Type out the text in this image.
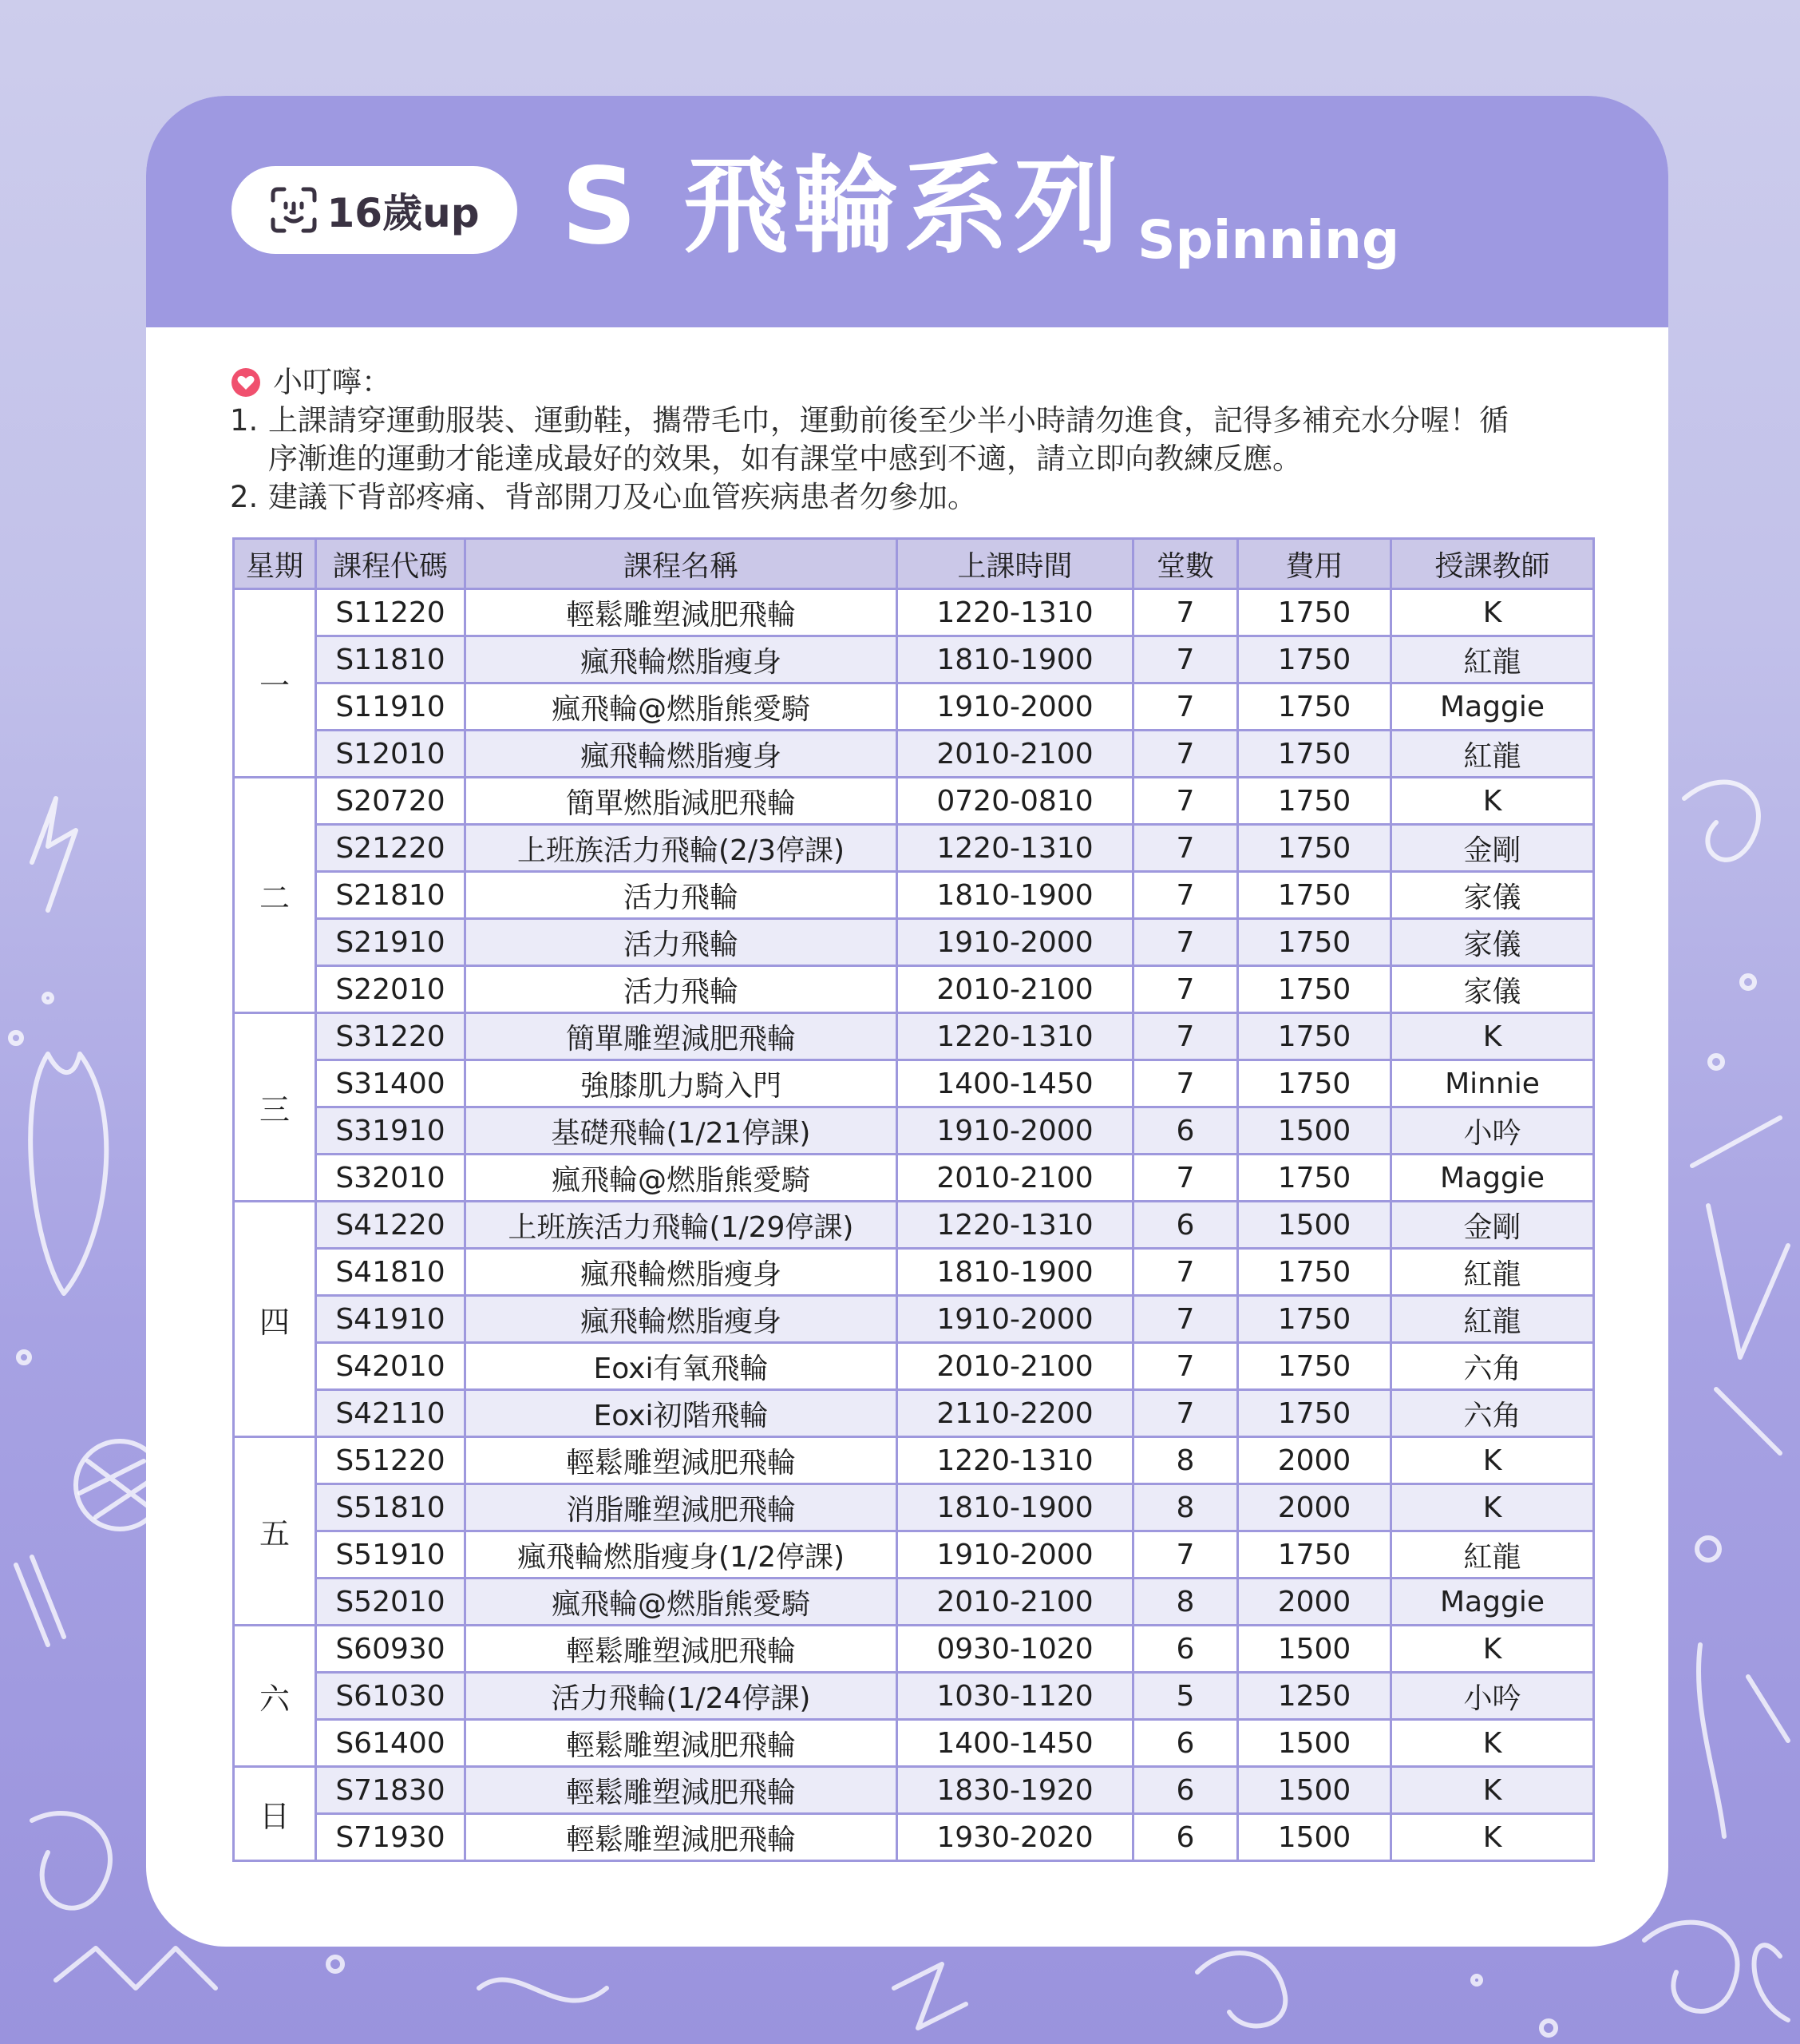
16歲up S 飛輪系列 Spinning
小叮嚀：
1. 上課請穿運動服裝、運動鞋，攜帶毛巾，運動前後至少半小時請勿進食，記得多補充水分喔！循
序漸進的運動才能達成最好的效果，如有課堂中感到不適，請立即向教練反應。
2. 建議下背部疼痛、背部開刀及心血管疾病患者勿參加。
星期	課程代碼	課程名稱	上課時間	堂數	費用	授課教師
一	S11220	輕鬆雕塑減肥飛輪	1220-1310	7	1750	K
	S11810	瘋飛輪燃脂瘦身	1810-1900	7	1750	紅龍
	S11910	瘋飛輪@燃脂熊愛騎	1910-2000	7	1750	Maggie
	S12010	瘋飛輪燃脂瘦身	2010-2100	7	1750	紅龍
二	S20720	簡單燃脂減肥飛輪	0720-0810	7	1750	K
	S21220	上班族活力飛輪(2/3停課)	1220-1310	7	1750	金剛
	S21810	活力飛輪	1810-1900	7	1750	家儀
	S21910	活力飛輪	1910-2000	7	1750	家儀
	S22010	活力飛輪	2010-2100	7	1750	家儀
三	S31220	簡單雕塑減肥飛輪	1220-1310	7	1750	K
	S31400	強膝肌力騎入門	1400-1450	7	1750	Minnie
	S31910	基礎飛輪(1/21停課)	1910-2000	6	1500	小吟
	S32010	瘋飛輪@燃脂熊愛騎	2010-2100	7	1750	Maggie
四	S41220	上班族活力飛輪(1/29停課)	1220-1310	6	1500	金剛
	S41810	瘋飛輪燃脂瘦身	1810-1900	7	1750	紅龍
	S41910	瘋飛輪燃脂瘦身	1910-2000	7	1750	紅龍
	S42010	Eoxi有氧飛輪	2010-2100	7	1750	六角
	S42110	Eoxi初階飛輪	2110-2200	7	1750	六角
五	S51220	輕鬆雕塑減肥飛輪	1220-1310	8	2000	K
	S51810	消脂雕塑減肥飛輪	1810-1900	8	2000	K
	S51910	瘋飛輪燃脂瘦身(1/2停課)	1910-2000	7	1750	紅龍
	S52010	瘋飛輪@燃脂熊愛騎	2010-2100	8	2000	Maggie
六	S60930	輕鬆雕塑減肥飛輪	0930-1020	6	1500	K
	S61030	活力飛輪(1/24停課)	1030-1120	5	1250	小吟
	S61400	輕鬆雕塑減肥飛輪	1400-1450	6	1500	K
日	S71830	輕鬆雕塑減肥飛輪	1830-1920	6	1500	K
	S71930	輕鬆雕塑減肥飛輪	1930-2020	6	1500	K
